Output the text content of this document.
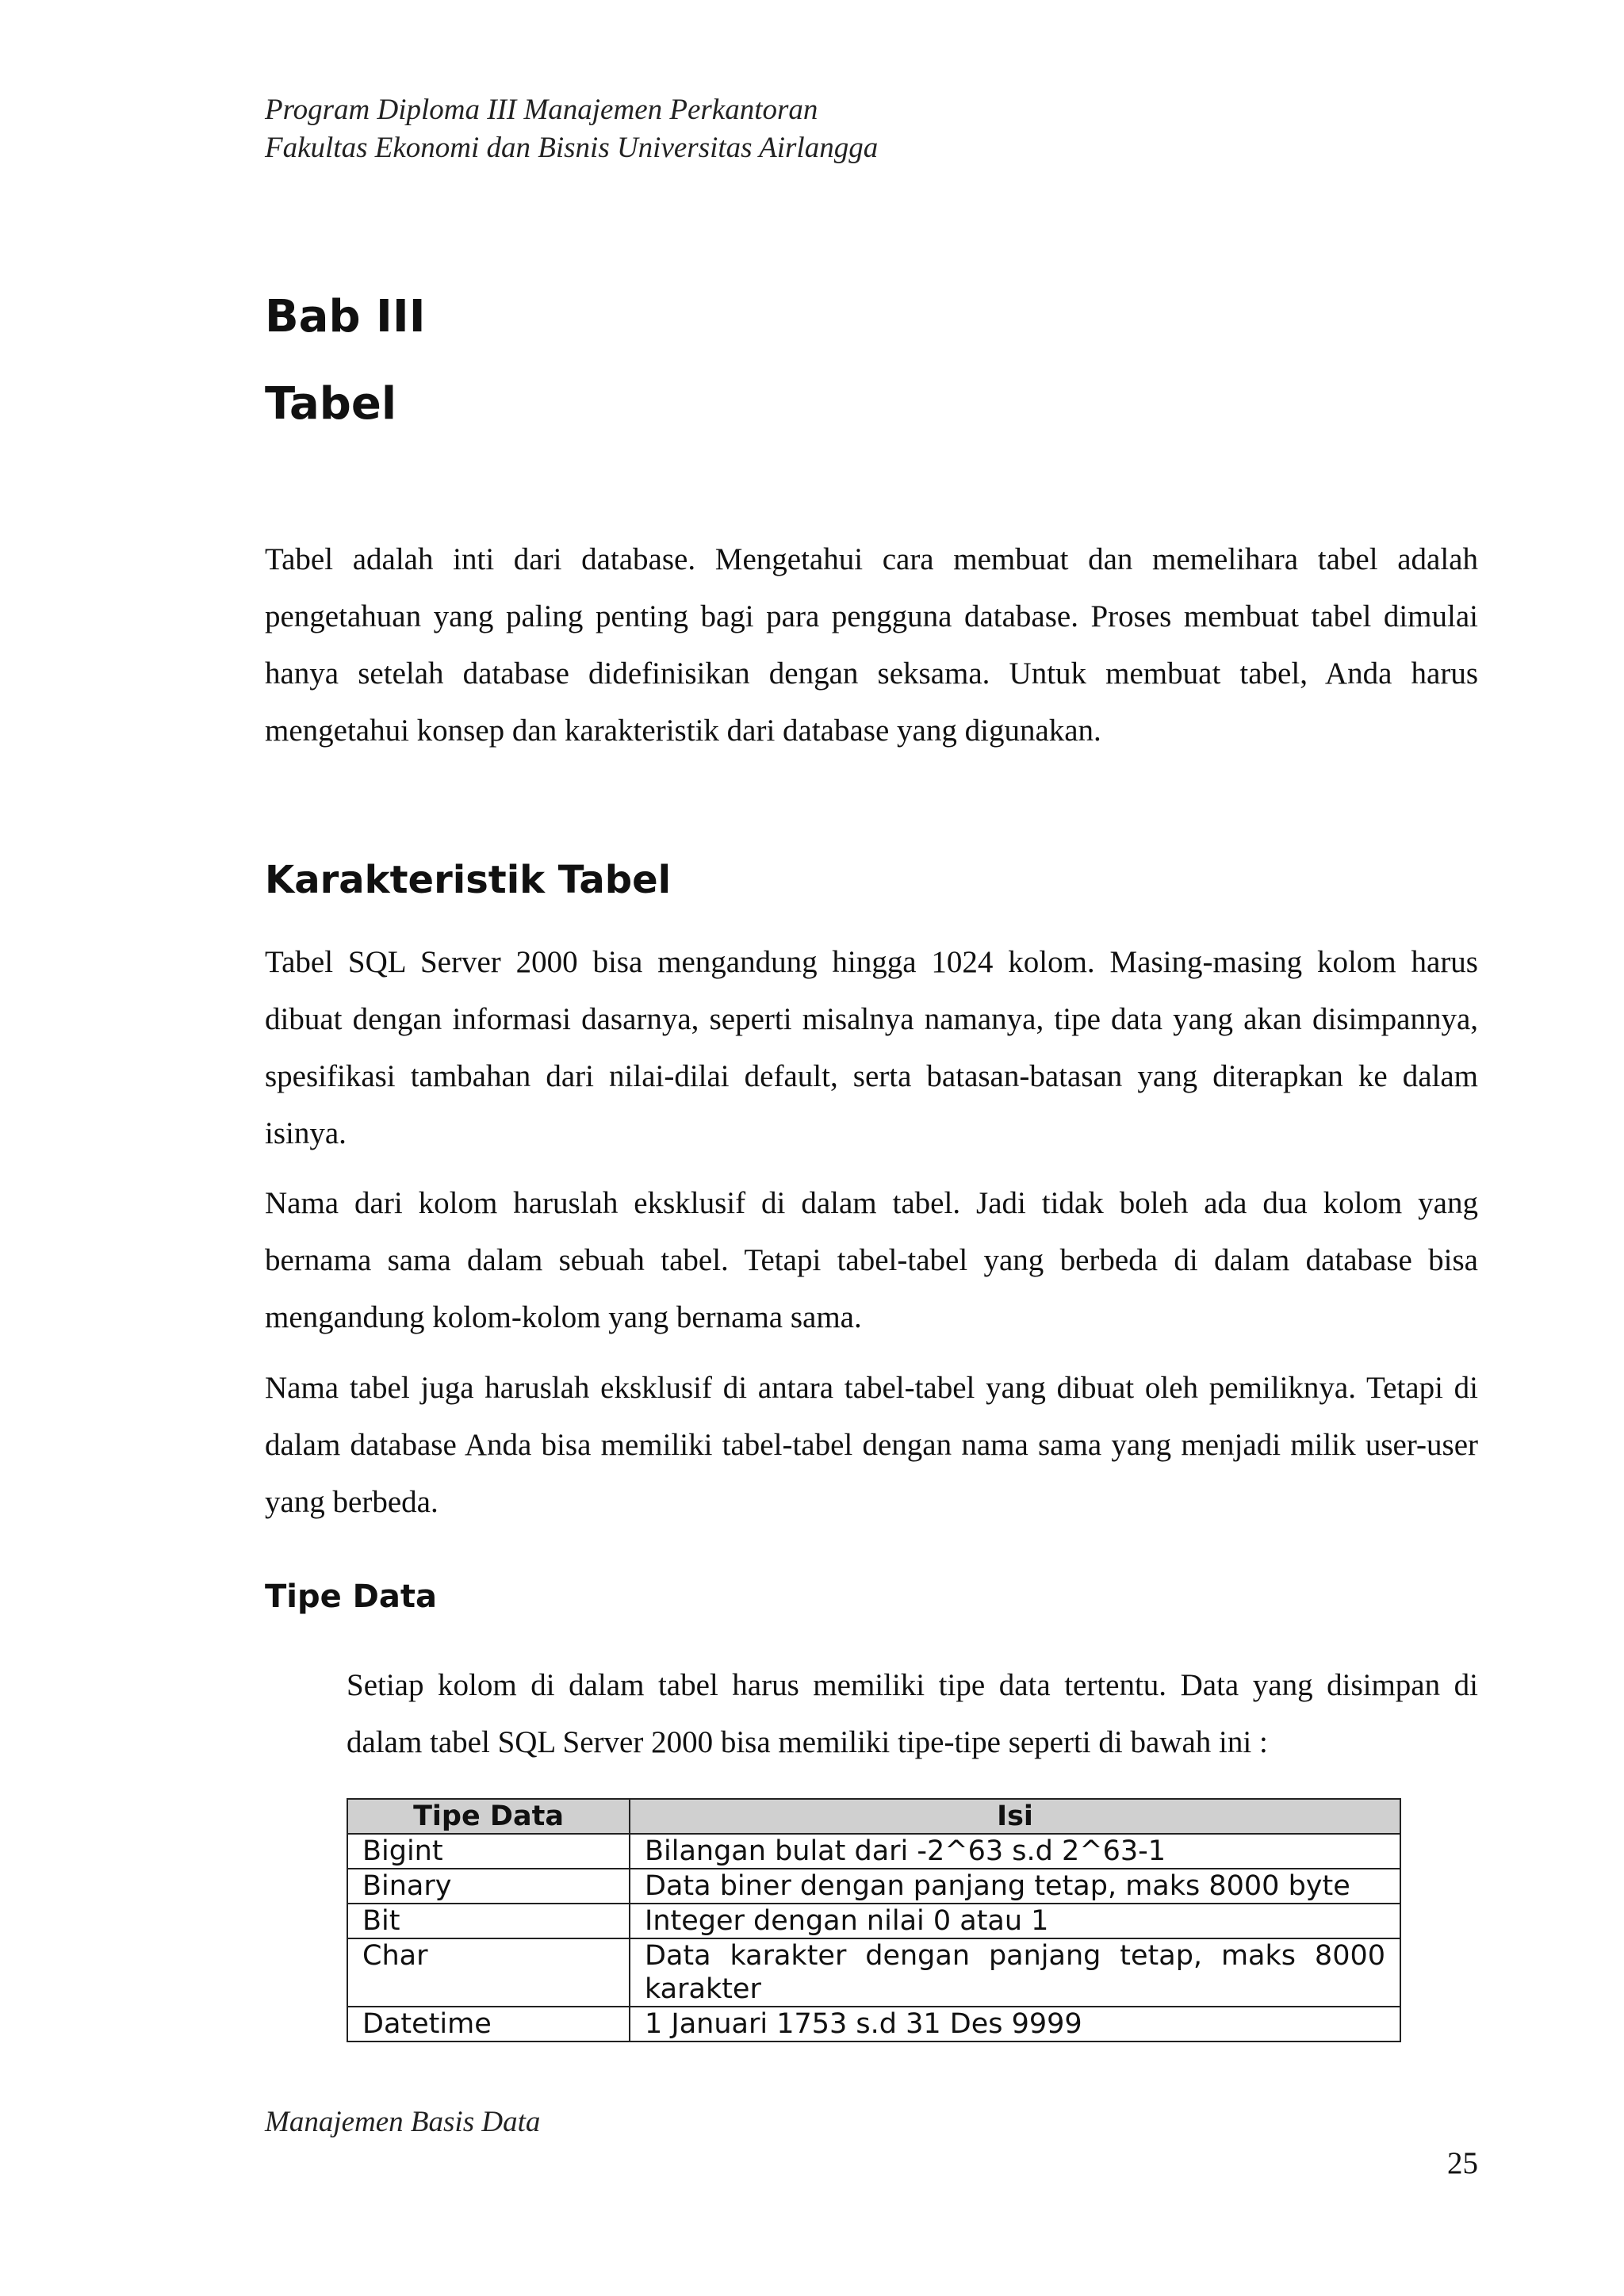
Program Diploma III Manajemen Perkantoran
Fakultas Ekonomi dan Bisnis Universitas Airlangga
Bab III
Tabel

Tabel adalah inti dari database. Mengetahui cara membuat dan memelihara tabel adalah pengetahuan yang paling penting bagi para pengguna database. Proses membuat tabel dimulai hanya setelah database didefinisikan dengan seksama. Untuk membuat tabel, Anda harus mengetahui konsep dan karakteristik dari database yang digunakan.

Karakteristik Tabel

Tabel SQL Server 2000 bisa mengandung hingga 1024 kolom. Masing-masing kolom harus dibuat dengan informasi dasarnya, seperti misalnya namanya, tipe data yang akan disimpannya, spesifikasi tambahan dari nilai-dilai default, serta batasan-batasan yang diterapkan ke dalam isinya.

Nama dari kolom haruslah eksklusif di dalam tabel. Jadi tidak boleh ada dua kolom yang bernama sama dalam sebuah tabel. Tetapi tabel-tabel yang berbeda di dalam database bisa mengandung kolom-kolom yang bernama sama.

Nama tabel juga haruslah eksklusif di antara tabel-tabel yang dibuat oleh pemiliknya. Tetapi di dalam database Anda bisa memiliki tabel-tabel dengan nama sama yang menjadi milik user-user yang berbeda.

Tipe Data

Setiap kolom di dalam tabel harus memiliki tipe data tertentu. Data yang disimpan di dalam tabel SQL Server 2000 bisa memiliki tipe-tipe seperti di bawah ini :

Tipe Data	Isi
Bigint	Bilangan bulat dari -2^63 s.d 2^63-1
Binary	Data biner dengan panjang tetap, maks 8000 byte
Bit	Integer dengan nilai 0 atau 1
Char	Data karakter dengan panjang tetap, maks 8000 karakter
Datetime	1 Januari 1753 s.d 31 Des 9999
Manajemen Basis Data
25
